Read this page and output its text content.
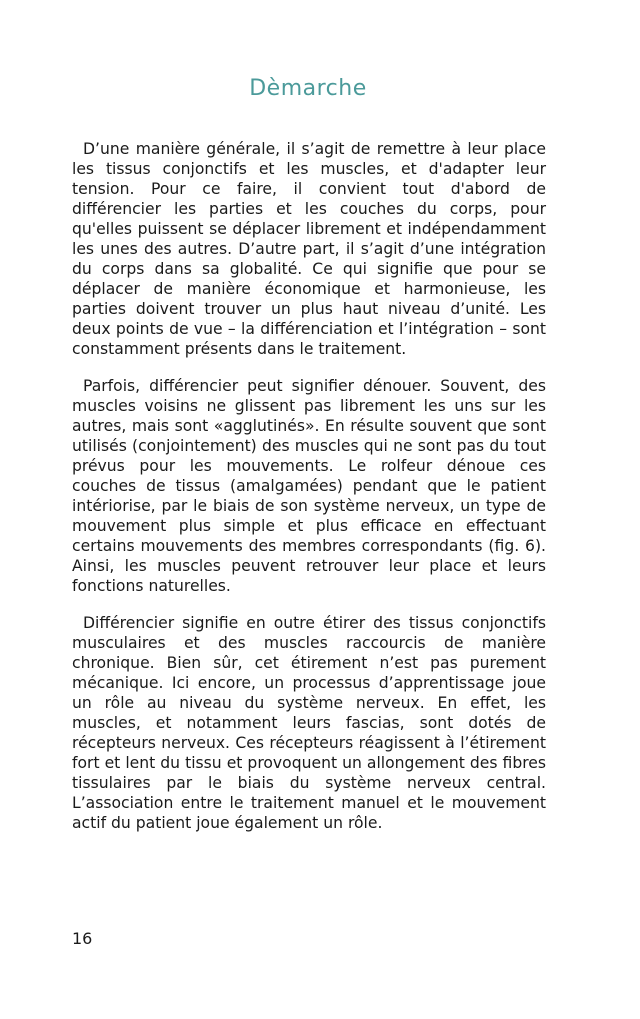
Dèmarche

D’une manière générale, il s’agit de remettre à leur place les tissus conjonctifs et les muscles, et d'adapter leur tension. Pour ce faire, il convient tout d'abord de différencier les parties et les couches du corps, pour qu'elles puissent se déplacer librement et indépendamment les unes des autres. D’autre part, il s’agit d’une intégration du corps dans sa globalité. Ce qui signifie que pour se déplacer de manière économique et harmonieuse, les parties doivent trouver un plus haut niveau d’unité. Les deux points de vue – la différenciation et l’intégration – sont constamment présents dans le traitement.

Parfois, différencier peut signifier dénouer. Souvent, des muscles voisins ne glissent pas librement les uns sur les autres, mais sont «agglutinés». En résulte souvent que sont utilisés (conjointement) des muscles qui ne sont pas du tout prévus pour les mouvements. Le rolfeur dénoue ces couches de tissus (amalgamées) pendant que le patient intériorise, par le biais de son système nerveux, un type de mouvement plus simple et plus efficace en effectuant certains mouvements des membres correspondants (fig. 6). Ainsi, les muscles peuvent retrouver leur place et leurs fonctions naturelles.

Différencier signifie en outre étirer des tissus conjonctifs musculaires et des muscles raccourcis de manière chronique. Bien sûr, cet étirement n’est pas purement mécanique. Ici encore, un processus d’apprentissage joue un rôle au niveau du système nerveux. En effet, les muscles, et notamment leurs fascias, sont dotés de récepteurs nerveux. Ces récepteurs réagissent à l’étirement fort et lent du tissu et provoquent un allongement des fibres tissulaires par le biais du système nerveux central. L’association entre le traitement manuel et le mouvement actif du patient joue également un rôle.

16
